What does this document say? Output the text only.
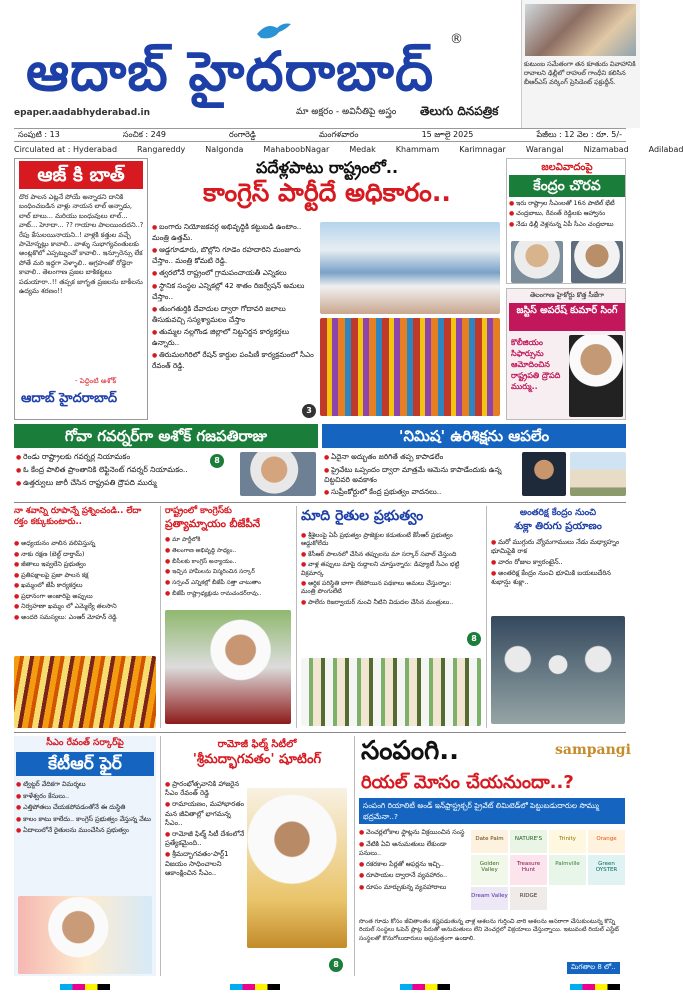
ఆదాబ్ హైదరాబాద్
®
epaper.aadabhyderabad.in	మా అక్షరం - అవినీతిపై అస్త్రం తెలుగు దినపత్రిక
కుటుంబ సమేతంగా తన కూతురు వివాహానికి రావాలని ఢిల్లీలో రాహుల్ గాంధీని కలిసిన బీఆర్ఎస్ వర్కింగ్ ప్రెసిడెంట్ ఫక్రుద్దీన్.
సంపుటి : 13	సంచిక : 249	రంగారెడ్డి	మంగళవారం	15 జూలై 2025	పేజీలు : 12 వెల : రూ. 5/-
Circulated at : Hyderabad	Rangareddy	Nalgonda	MahaboobNagar	Medak	Khammam	Karimnagar	Warangal	Nizamabad	Adilabad
ఆజ్ కి బాత్
దొర పాలన ఎట్లనే పోయే అన్నాడని దానికి బంధించబడిన వాళ్లు నాయన లాల్ అన్నాడు, లాల్ బాలు... మరియు బంధువులు లాల్... వాట్... హెూదా... ?? గాయాల పాలయిందదని..? రేపు కేసులయినాయని..! వాళ్లకి కత్తుల వచ్చే పామోన్నట్లు కావాలి.. వాళ్ళు సుభాగ్యవంతులకు అంట్లకొలో ఎప్పట్నుంచో కావాలి.. ఇన్సూరెన్సు లేక పోతే మరి ఇద్దగా వెళ్ళాలి.. ఆగ్రహంతో రోడ్డెరా కావాలి.. తెలంగాణ ప్రజల బాకికట్టలు పడుయారా..!! తప్పక జాగృత ప్రజలను బాకీలను ఉద్యమ శరణం!!
- పెద్దింటి అశోక్
ఆదాబ్ హైదరాబాద్
పదేళ్లపాటు రాష్ట్రంలో..
కాంగ్రెస్ పార్టీదే అధికారం..
● బంగారు నియోజకవర్గ అభివృద్ధికి కట్టుబడి ఉంటాం.. మంత్రి ఉత్తమ్.
● ఆడ్డగూడూరు, బొల్లోని గూడెం రహదారిని మంజూరు చేస్తాం.. మంత్రి కోమటి రెడ్డి.
● త్వరలోనే రాష్ట్రంలో గ్రామపంచాయతీ ఎన్నికలు
● స్థానిక సంస్థల ఎన్నికల్లో 42 శాతం రిజర్వేషన్ అమలు చేస్తాం..
● తుంగతుర్తికి దేవాదుల ద్వారా గోదావరి జలాలు తీసుకువచ్చి సస్యశ్యామలం చేస్తాం
● తుమ్మల నల్లగొండ జిల్లాలో నిట్టనిర్జన కార్యకర్తలు ఉన్నారు..
● తిరుమలగిరిలో రేషన్ కార్డుల పంపిణీ కార్యక్రమంలో సీఎం రేవంత్ రెడ్డి.
3
జలవివాదంపై
కేంద్రం చొరవ
● ఇరు రాష్ట్రాల సీఎంలతో 16న పాటిల్ భేటీ
● చంద్రబాబు, రేవంత్ రెడ్డిలకు ఆహ్వానం
● నేడు ఢిల్లీ వెళ్లనున్న ఏపీ సీఎం చంద్రబాబు
తెలంగాణ హైకోర్టు కొత్త సీజేగా
జస్టిస్ అపరేష్ కుమార్ సింగ్
కొలీజియం సిఫార్సును ఆమోదించిన రాష్ట్రపతి ద్రౌపది ముర్ము..
గోవా గవర్నర్‌గా అశోక్ గజపతిరాజు
● రెండు రాష్ట్రాలకు గవర్నర్ల నియామకం
● ఓ కేంద్ర పాలిత ప్రాంతానికి లెఫ్టినెంట్ గవర్నర్ నియామకం..
● ఉత్తర్వులు జారీ చేసిన రాష్ట్రపతి ద్రౌపది ముర్ము
8
'నిమిష' ఉరిశిక్షను ఆపలేం
● ఏదైనా అద్భుతం జరిగితే తప్ప కాపాడలేం
● ప్రైవేటు ఒప్పందం ద్వారా మాత్రమే ఆమెను కాపాడేందుకు ఉన్న చిట్టచివరి అవకాశం
● సుప్రీంకోర్టులో కేంద్ర ప్రభుత్వం వాదనలు..
నా శవాన్ని రూపాన్నే ప్రశ్నించండి.. లేదా రక్తం కక్కుకుంటారు..
● అధ్యయనం వాలిన వలివిస్తున్న
● నాకు రక్షణ (బెల్ట్ దార్తామ్)
● జీతాలు ఇవ్వలేని ప్రభుత్వం
● ప్రతిపక్షాలపై ప్రజా పాలన కక్ష
● ఖమ్మంలో జేపీ కార్యకర్తలు
● ప్రధానంగా అంజారిపై అప్పులు
● నిర్వహణా ఖమ్మం లో ఎమ్మెల్యే తలసాని
● అందరి సమస్యలు: ఎంఆర్ మోహన్ రెడ్డి
రాష్ట్రంలో కాంగ్రెస్‌కు
ప్రత్యామ్నాయం బీజేపీనే
● మా పార్టీలోకి
● తెలంగాణ అభివృద్ధి సాధ్యం..
● బీసీలకు కాంగ్రెస్ అన్యాయం..
● ఇచ్చిన హామీలను విస్మరించిన సర్కార్
● సర్పంచ్ ఎన్నికల్లో బీజేపీ సత్తా చాటుతాం
● బీజేపీ రాష్ట్రాధ్యక్షుడు రామచందర్‌రావు..
మాది రైతుల ప్రభుత్వం
● శ్రీశైలంపై ఏపీ ప్రభుత్వం ప్రాజెక్టుల కడుతుంటే కేసీఆర్ ప్రభుత్వం ఆడ్డుకోలేదు
● కేసీఆర్ పాలనలో చేసిన తప్పులను మా సర్కార్ సవాల్ చేస్తుంది
● వాళ్ల తప్పులు మాపై రుద్దాలని చూస్తున్నారు: డిప్యూటీ సీఎం భట్టి విక్రమార్క
● ఆర్థిక పరిస్థితి బాగా లేకపోయిన పథకాలు అమలు చేస్తున్నాం: మంత్రి పొంగులేటి
● పాలేరు రిజర్వాయర్ నుంచి నీటిని విడుదల చేసిన మంత్రులు..
8
అంతరిక్ష కేంద్రం నుంచి
శుక్లా తిరుగు ప్రయాణం
● మరో ముగ్గురు వ్యోమగాములు నేడు మధ్యాహ్నం భూమిపైకి రాక
● వారం రోజుల క్వారంటైన్..
● అంతరిక్ష కేంద్రం నుంచి భూమికి బయలుదేరిన శుభాన్షు శుక్లా..
సీఎం రేవంత్ సర్కార్‌పై
కేటీఆర్ ఫైర్
● ట్విట్టర్ వేదికగా విమర్శలు
● కాళేశ్వరం కేసులు..
● ఎత్తిపోతలు చేయకపోవడంతోనే ఈ దుస్థితి
● కాలం కాటు కాలేదు.. కాంగ్రెస్ ప్రభుత్వం వేస్తున్న వేటు
● ఏదాలులోనే రైతులను ముంచేసిన ప్రభుత్వం
రామోజీ ఫిల్మ్ సిటీలో
'శ్రీమద్భాగవతం' షూటింగ్
● ప్రారంభోత్సవానికి హాజరైన సీఎం రేవంత్ రెడ్డి
● రామాయణం, మహాభారతం మన జీవితాల్లో భాగమన్న సీఎం..
● రామోజీ ఫిల్మ్ సిటీ దేశంలోనే ప్రత్యేకమైంది..
● శ్రీమద్భాగవతం-పార్ట్1 విజయం సాధించాలని ఆకాంక్షించిన సీఎం..
8
సంపంగి..	sampangi
రియల్ మోసం చేయనుందా..?
సంపంగి రియాలిటీ అండ్ ఇన్‌ఫ్రాస్ట్రక్చర్ ప్రైవేట్ లిమిటెడ్‌లో పెట్టుబడుదారుల సొమ్ము భద్రమేనా..?
● వెంచర్లలోకాల ఫ్లాట్లను విక్రయించిన సంస్థ
● వేటికి ఏవి అనుమతులు లేకుండా పనులు..
● రకరకాల పేర్లతో ఆఫర్లను ఇచ్చి..
● రూపాయల ద్వారానే వ్యవహారం..
● రూపం మార్చుకున్న వ్యవహారాలు
Date Palm	NATURE'S	Trinity	Orange
Golden Valley
Treasure Hunt
Palmville	Green OYSTER
Dream Valley	RIDGE
సొంత గూడు కోసం జీవితాంతం కష్టపడుతున్న వాళ్ల ఆశలను గుర్తించి వారి ఆశలను ఆసరాగా చేసుకుంటున్న కొన్ని రియల్ సంస్థలు ఓపెన్ ప్లాట్ల పేరుతో అనుమతులు లేని వెంచర్లలో విక్రయాలు చేస్తున్నాయి. ఇటువంటి రియల్ ఎస్టేట్ సంస్థలతో కొనుగోలుదారులు అప్రమత్తంగా ఉండాలి.
మిగతాల 8 లో..
